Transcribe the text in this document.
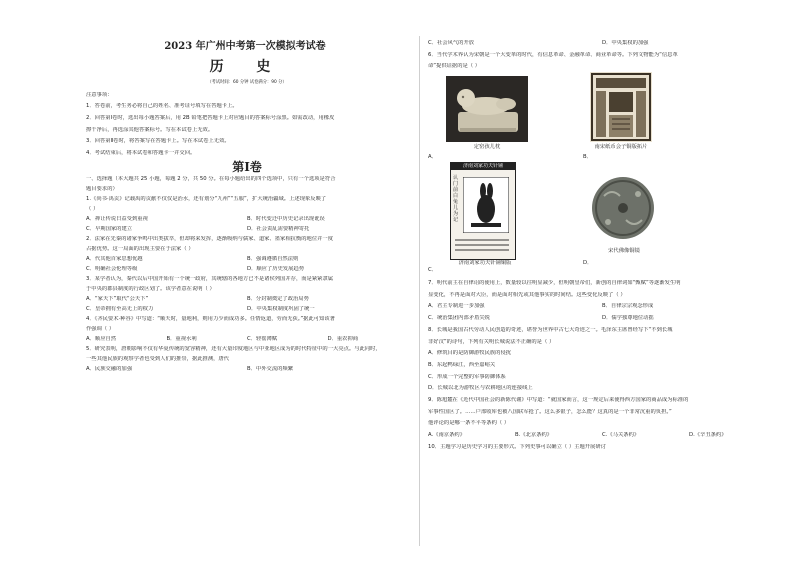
2023 年广州中考第一次模拟考试卷
历 史
（考试时间：60 分钟 试卷满分：90 分）
注意事项：
1．答卷前，考生务必将自己的姓名、准考证号填写在答题卡上。
2．回答第Ⅰ卷时，选出每小题答案后，用 2B 铅笔把答题卡上对应题目的答案标号涂黑。如需改动，用橡皮
擦干净后，再选涂其他答案标号。写在本试卷上无效。
3．回答第Ⅱ卷时，将答案写在答题卡上。写在本试卷上无效。
4．考试结束后，将本试卷和答题卡一并交回。
第Ⅰ卷
一、选择题（本大题共 25 小题，每题 2 分，共 50 分。在每小题给出的四个选项中，只有一个选项是符合
题目要求的）
1.《尚书·禹贡》记载禹的贡献不仅仅是治水，还有划分“九州”“五服”，扩大统治疆域。上述现象反映了
（ ）
A．禅让传说日益受到重视	B．时代变迁中历史记录出现讹误
C．早期国家的建立	D．社会责乱需要精神寄托
2．法家在先秦的诸家争鸣中出类拔萃，但却将来发挥，逐渐吸纳与儒家、道家、墨家相抗衡的地位并一度
占据优势。这一局面的出现主要在于法家（ ）
A．代其他百家思想优越	B．强调遵循自然法则
C．明确社会伦理等级	D．顺应了历史发展趋势
3．某学者认为，秦代以后中国开始有一个统一政府，其统辖的各地方已不是诸侯列国并存，而是紧紧隶属
于中央的郡县制度的行政区划了。该学者意在说明（ ）
A．“家天下”取代“公天下”	B．分封制奠定了政治局势
C．皇帝拥有至高无上的权力	D．中央集权制度巩固了统一
4．《齐民要术·种谷》中写道：“顺天时，量地利，则用力少而成功多。任情返道，劳而无获。”据此可知该著
作强调（ ）
A．顺应自然	B．重视水利	C．轻徭薄赋	D．重农抑商
5．研究表明，唐朝影响不仅有华夏传统的宽容精神，还有大量印度地区与中亚地区成为的时代特征中的一大亮点。与此同时，
一些其他民族的观察学者也受到人们的推崇，据此推测，唐代
A．民族交融的加强	B．中外交流的频繁
C．社会风气的开放	D．中央集权的加强
6．当代学术界认为宋朝是一个大变革的时代，有信息革命、金融革命、商业革命等。下列文物能为“信息革
命”提供证据的是（ ）
A．
定窑孩儿枕
B．
南宋纸币会子铜版拓片
C．
济南刘家功夫针铺
认门前白兔儿为记
济南刘家功夫针铺铜版	D．
宋代佛像铜镜
7．明代前主在自律诏的使用上，数量较以往明显减少，但明朝皇帝们，新创的自律词如“甄赋”等逐渐发生明
显变化，不再是面对大臣，而是面对相先或其他事实的时间结。这些变化反映了（ ）
A．君主专制进一步加强	B．自律宗宗观念形成
C．统治集团内部矛盾尖锐	D．儒学独尊地位动摇
8．长城是我国古代劳动人民创造的奇迹，堪誉为世界中古七大奇迹之一。毛泽东主席曾经写下“不到长城
非好汉”的诗句，下列有关明长城说法不正确的是（ ）
A．修筑目的是防御游牧民族的侵扰
B．东起鸭绿江，西至嘉峪关
C．形成一个完整的军事防御体系
D．长城以北为游牧区与农耕地区的连接线上
9．陈旭麓在《近代中国社会的新陈代谢》中写道：“就国家而言，这一规定后来使得西方国家的商品成为标准的
军事性国区了。……户部收库也被八国联军抢了。这么多银子，怎么能？这真的是一个非常沉重的负担。”
他评论的是哪一条不平等条约（ ）
A.《南京条约》	B.《北京条约》	C.《马关条约》	D.《辛丑条约》
10．主题学习是历史学习的主要形式。下列史事可以确立（ ）主题开展研讨
